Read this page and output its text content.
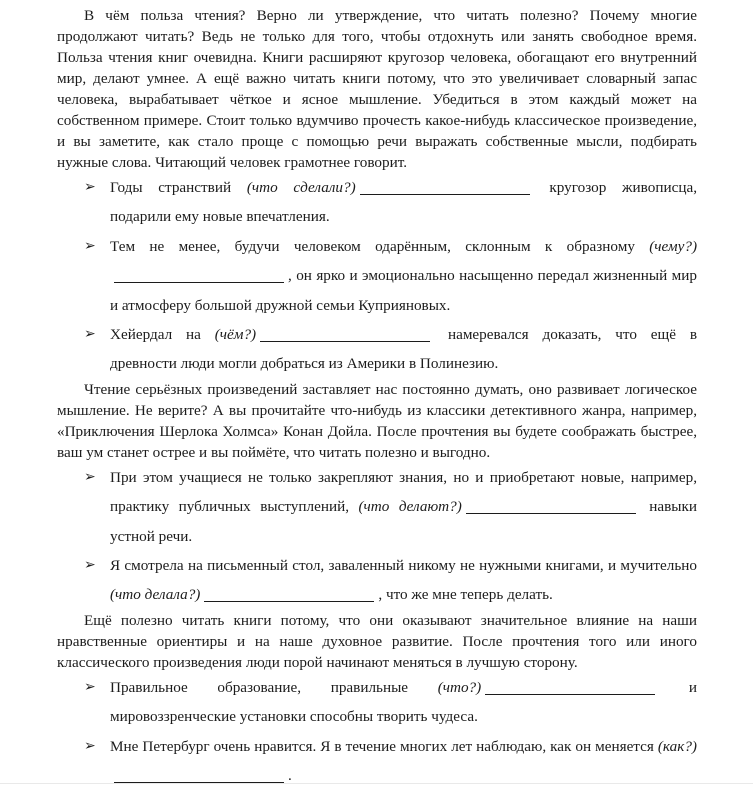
В чём польза чтения? Верно ли утверждение, что читать полезно? Почему многие продолжают читать? Ведь не только для того, чтобы отдохнуть или занять свободное время. Польза чтения книг очевидна. Книги расширяют кругозор человека, обогащают его внутренний мир, делают умнее. А ещё важно читать книги потому, что это увеличивает словарный запас человека, вырабатывает чёткое и ясное мышление. Убедиться в этом каждый может на собственном примере. Стоит только вдумчиво прочесть какое-нибудь классическое произведение, и вы заметите, как стало проще с помощью речи выражать собственные мысли, подбирать нужные слова. Читающий человек грамотнее говорит.

➢ Годы странствий (что сделали?)	кругозор живописца, подарили ему новые впечатления.
➢ Тем не менее, будучи человеком одарённым, склонным к образному (чему?), он ярко и эмоционально насыщенно передал жизненный мир и атмосферу большой дружной семьи Куприяновых.
➢ Хейердал на (чём?)	намеревался доказать, что ещё в древности люди могли добраться из Америки в Полинезию.

Чтение серьёзных произведений заставляет нас постоянно думать, оно развивает логическое мышление. Не верите? А вы прочитайте что-нибудь из классики детективного жанра, например, «Приключения Шерлока Холмса» Конан Дойла. После прочтения вы будете соображать быстрее, ваш ум станет острее и вы поймёте, что читать полезно и выгодно.

➢ При этом учащиеся не только закрепляют знания, но и приобретают новые, например, практику публичных выступлений, (что делают?)	навыки устной речи.
➢ Я смотрела на письменный стол, заваленный никому не нужными книгами, и мучительно (что делала?)	, что же мне теперь делать.

Ещё полезно читать книги потому, что они оказывают значительное влияние на наши нравственные ориентиры и на наше духовное развитие. После прочтения того или иного классического произведения люди порой начинают меняться в лучшую сторону.

➢ Правильное образование, правильные (что?)	и мировоззренческие установки способны творить чудеса.
➢ Мне Петербург очень нравится. Я в течение многих лет наблюдаю, как он меняется (как?).
